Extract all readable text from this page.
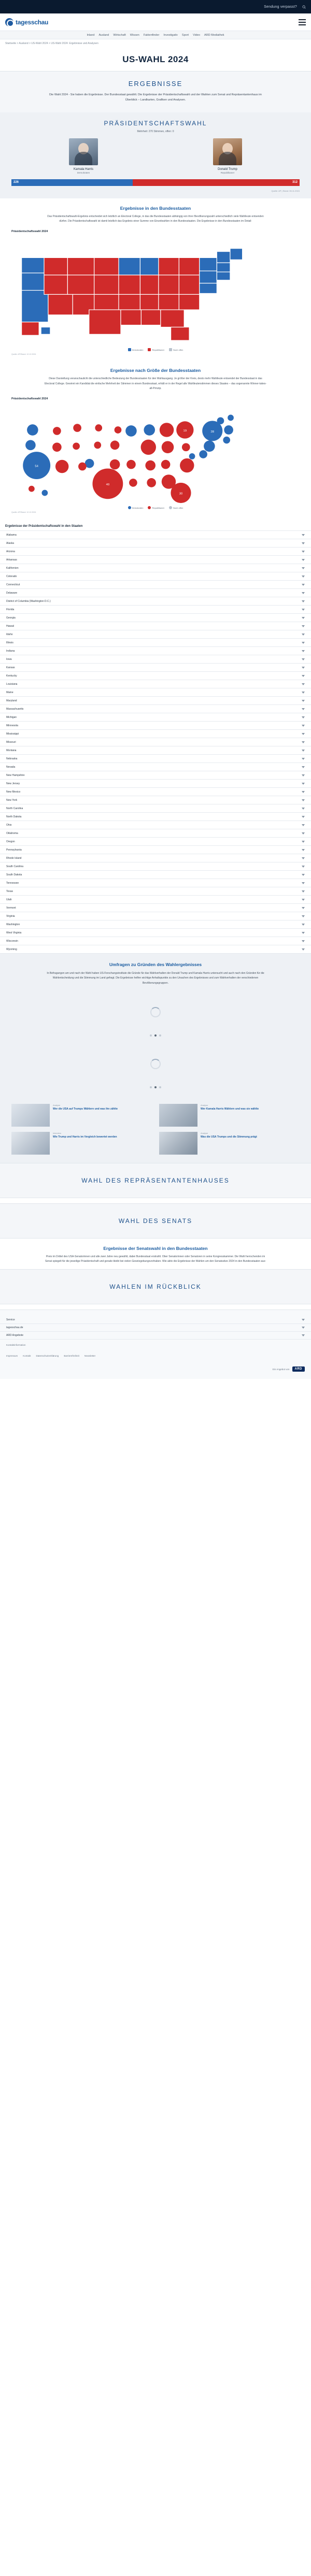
Sendung verpasst?
tagesschau
Inland Ausland Wirtschaft Wissen Faktenfinder Investigativ Sport Video ARD Mediathek
Startseite > Ausland > US-Wahl 2024 > US-Wahl 2024: Ergebnisse und Analysen
US-WAHL 2024
ERGEBNISSE

Die Wahl 2024 - Sie haben die Ergebnisse. Der Bundesstaat gewählt. Die Ergebnisse der Präsidentschaftswahl und der Wahlen zum Senat und Repräsentantenhaus im Überblick – Landkarten, Grafiken und Analysen.

PRÄSIDENTSCHAFTSWAHL
Mehrheit: 270 Stimmen, offen: 0
Kamala Harris
Demokraten
Donald Trump
Republikaner
226	312
Quelle: AP | Stand: 06.11.2024
Ergebnisse in den Bundesstaaten

Das Präsidentschaftswahl-Ergebnis entscheidet sich letztlich an Electoral College, in das die Bundesstaaten abhängig von ihrer Bevölkerungszahl unterschiedlich viele Wahlleute entsenden dürfen. Die Präsidentschaftswahl ist damit letztlich das Ergebnis einer Summe von Einzelwahlen in den Bundesstaaten. Die Ergebnisse in den Bundesstaaten im Detail:

Präsidentschaftswahl 2024
Demokraten	Republikaner	Noch offen
Quelle: AP/Stand: 12.12.2024
Ergebnisse nach Größe der Bundesstaaten

Diese Darstellung veranschaulicht die unterschiedliche Bedeutung der Bundesstaaten für den Wahlausgang. Je größer der Kreis, desto mehr Wahlleute entsendet der Bundesstaat in das Electoral College. Gewinnt ein Kandidat die einfache Mehrheit der Stimmen in einem Bundesstaat, erhält er in der Regel alle Wahlleutenstimmen dieses Staates – das sogenannte Winner-takes-all-Prinzip.

Präsidentschaftswahl 2024
54
40
28
30
19
Demokraten	Republikaner	Noch offen
Quelle: AP/Stand: 12.12.2024
Ergebnisse der Präsidentschaftswahl in den Staaten
Alabama
Alaska
Arizona
Arkansas
Kalifornien
Colorado
Connecticut
Delaware
District of Columbia (Washington D.C.)
Florida
Georgia
Hawaii
Idaho
Illinois
Indiana
Iowa
Kansas
Kentucky
Louisiana
Maine
Maryland
Massachusetts
Michigan
Minnesota
Mississippi
Missouri
Montana
Nebraska
Nevada
New Hampshire
New Jersey
New Mexico
New York
North Carolina
North Dakota
Ohio
Oklahoma
Oregon
Pennsylvania
Rhode Island
South Carolina
South Dakota
Tennessee
Texas
Utah
Vermont
Virginia
Washington
West Virginia
Wisconsin
Wyoming
Umfragen zu Gründen des Wahlergebnisses

In Befragungen am und nach der Wahl haben US-Forschungsinstitute die Gründe für das Wahlverhalten der Donald Trump und Kamala Harris untersucht und auch nach den Gründen für die Wahlentscheidung und die Stimmung im Land gefragt. Die Ergebnisse helfen wichtige Anhaltspunkte zu den Ursachen des Ergebnisses und zum Wahlverhalten der verschiedenen Bevölkerungsgruppen.

Analyse
Wer die USA auf Trumps Wählern und was ihn zählte
Analyse
Wer Kamala Harris Wählern und was sie wählte
Interview
Wie Trump und Harris im Vergleich bewertet werden
Analyse
Was die USA Trumps und die Stimmung prägt
WAHL DES REPRÄSENTANTENHAUSES
WAHL DES SENATS
Ergebnisse der Senatswahl in den Bundesstaaten

Preis im Drittel des USA-Senatorinnen und alle zwei Jahre neu gewählt, dabei Bundesstaat erstrahlt. Ober Senatorinnen oder Senatoren in seine Kongresskammer. Die Wahl herrschenden im Senat spiegelt für die jeweilige Präsidentschaft und gerade bleibt bei vielen Gesetzgebungsvorhaben. Wie aktiv die Ergebnisse der Wahlen um den Senatssitze 2024 in den Bundesstaaten aus:

WAHLEN IM RÜCKBLICK
Service
tagesschau.de
ARD Angebote
Kontaktinformation
Impressum Kontakt Datenschutzerklärung Barrierefreiheit Newsletter
Ein Angebot von	ARD
